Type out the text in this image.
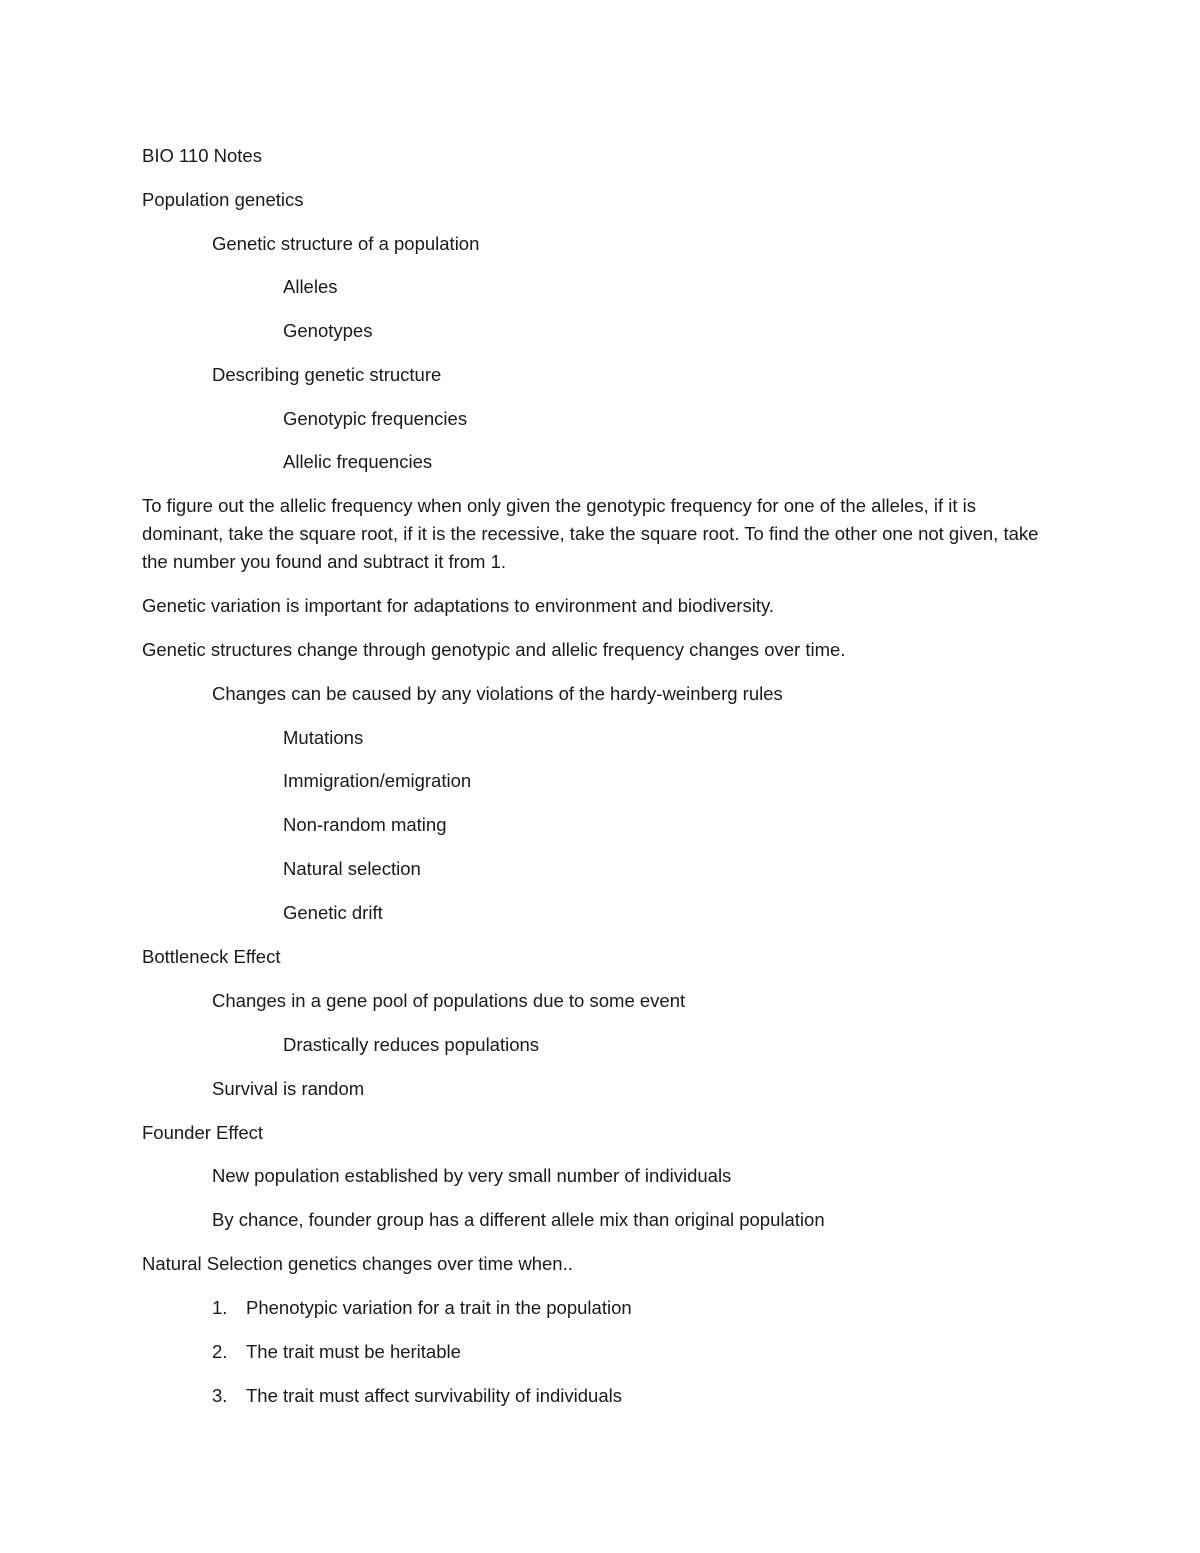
BIO 110 Notes
Population genetics
Genetic structure of a population
Alleles
Genotypes
Describing genetic structure
Genotypic frequencies
Allelic frequencies
To figure out the allelic frequency when only given the genotypic frequency for one of the alleles, if it is dominant, take the square root, if it is the recessive, take the square root. To find the other one not given, take the number you found and subtract it from 1.
Genetic variation is important for adaptations to environment and biodiversity.
Genetic structures change through genotypic and allelic frequency changes over time.
Changes can be caused by any violations of the hardy-weinberg rules
Mutations
Immigration/emigration
Non-random mating
Natural selection
Genetic drift
Bottleneck Effect
Changes in a gene pool of populations due to some event
Drastically reduces populations
Survival is random
Founder Effect
New population established by very small number of individuals
By chance, founder group has a different allele mix than original population
Natural Selection genetics changes over time when..
1. Phenotypic variation for a trait in the population
2. The trait must be heritable
3. The trait must affect survivability of individuals
